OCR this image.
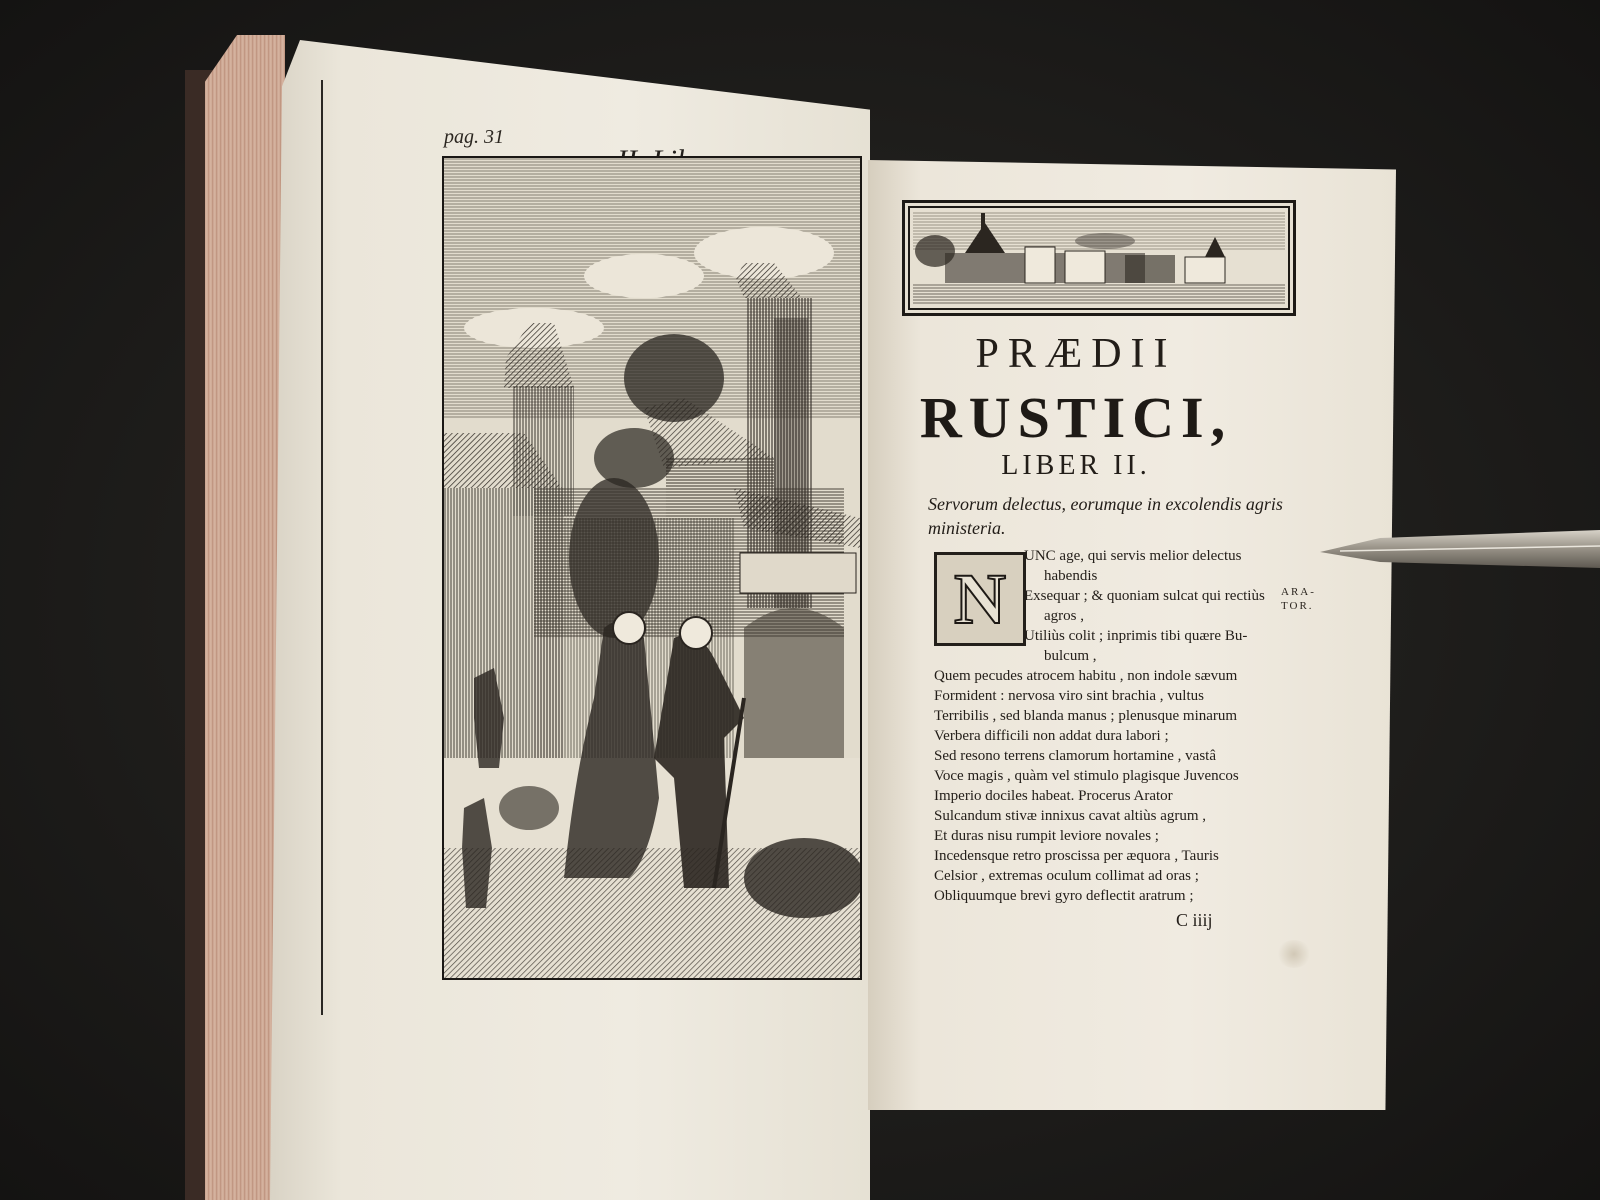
pag. 31
PRÆDII
RUSTICI,
LIBER II.
Servorum delectus, eorumque in excolendis agris ministeria.
N
UNC age, qui servis melior delectus
habendis
Exsequar ; & quoniam sulcat qui rectiùs
agros ,
Utiliùs colit ; inprimis tibi quære Bu-
bulcum ,
Quem pecudes atrocem habitu , non indole sævum
Formident : nervosa viro sint brachia , vultus
Terribilis , sed blanda manus ; plenusque minarum
Verbera difficili non addat dura labori ;
Sed resono terrens clamorum hortamine , vastâ
Voce magis , quàm vel stimulo plagisque Juvencos
Imperio dociles habeat. Procerus Arator
Sulcandum stivæ innixus cavat altiùs agrum ,
Et duras nisu rumpit leviore novales ;
Incedensque retro proscissa per æquora , Tauris
Celsior , extremas oculum collimat ad oras ;
Obliquumque brevi gyro deflectit aratrum ;
ARA-TOR.
C iiij
